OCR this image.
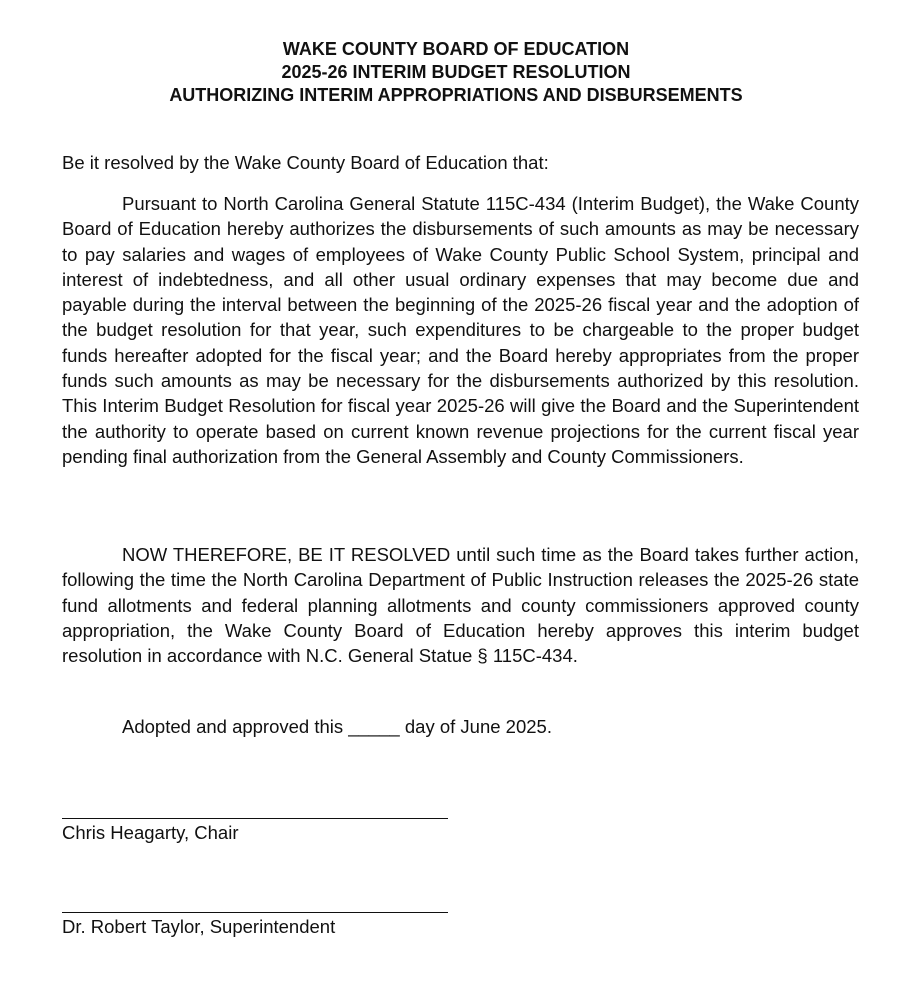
WAKE COUNTY BOARD OF EDUCATION
2025-26 INTERIM BUDGET RESOLUTION
AUTHORIZING INTERIM APPROPRIATIONS AND DISBURSEMENTS
Be it resolved by the Wake County Board of Education that:
Pursuant to North Carolina General Statute 115C-434 (Interim Budget), the Wake County Board of Education hereby authorizes the disbursements of such amounts as may be necessary to pay salaries and wages of employees of Wake County Public School System, principal and interest of indebtedness, and all other usual ordinary expenses that may become due and payable during the interval between the beginning of the 2025-26 fiscal year and the adoption of the budget resolution for that year, such expenditures to be chargeable to the proper budget funds hereafter adopted for the fiscal year; and the Board hereby appropriates from the proper funds such amounts as may be necessary for the disbursements authorized by this resolution. This Interim Budget Resolution for fiscal year 2025-26 will give the Board and the Superintendent the authority to operate based on current known revenue projections for the current fiscal year pending final authorization from the General Assembly and County Commissioners.
NOW THEREFORE, BE IT RESOLVED until such time as the Board takes further action, following the time the North Carolina Department of Public Instruction releases the 2025-26 state fund allotments and federal planning allotments and county commissioners approved county appropriation, the Wake County Board of Education hereby approves this interim budget resolution in accordance with N.C. General Statue § 115C-434.
Adopted and approved this _____ day of June 2025.
Chris Heagarty, Chair
Dr. Robert Taylor, Superintendent
